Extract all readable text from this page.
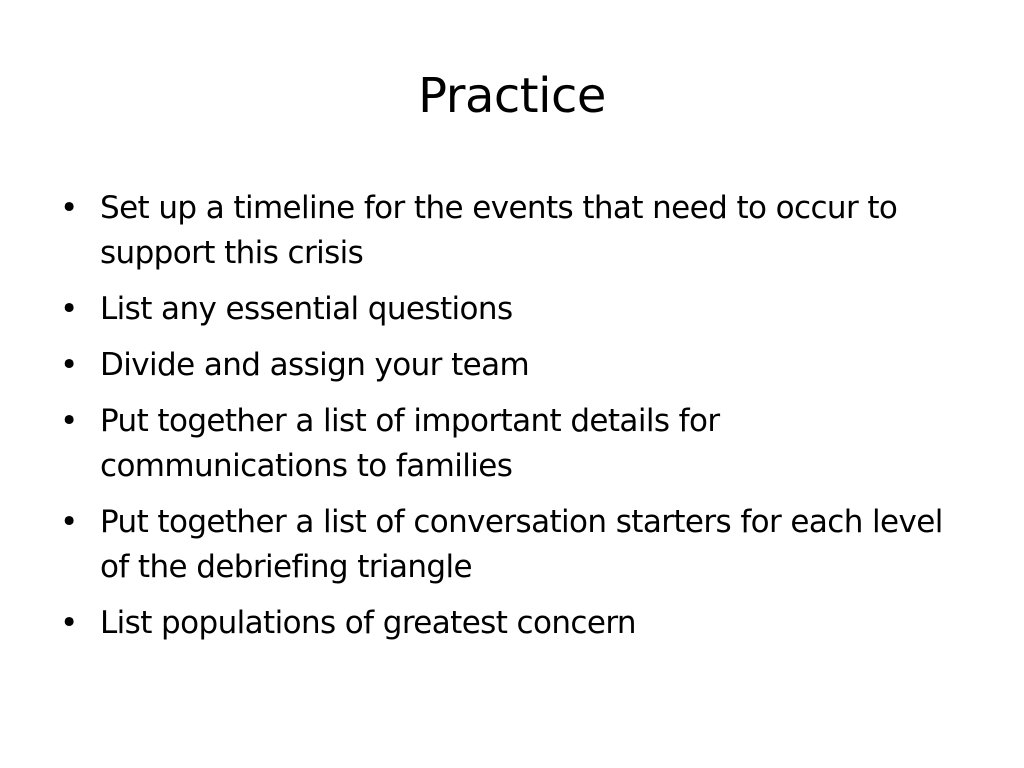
Practice
• Set up a timeline for the events that need to occur to support this crisis
• List any essential questions
• Divide and assign your team
• Put together a list of important details for communications to families
• Put together a list of conversation starters for each level of the debriefing triangle
• List populations of greatest concern
